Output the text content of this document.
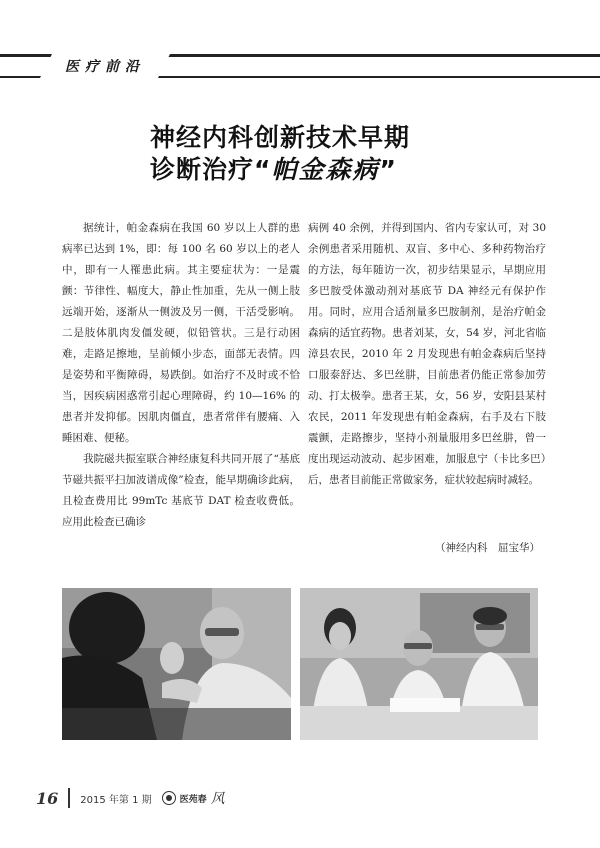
医疗前沿
神经内科创新技术早期
诊断治疗“帕金森病”

据统计，帕金森病在我国 60 岁以上人群的患病率已达到 1%，即：每 100 名 60 岁以上的老人中，即有一人罹患此病。其主要症状为：一是震颤：节律性、幅度大，静止性加重，先从一侧上肢远端开始，逐渐从一侧波及另一侧，干活受影响。二是肢体肌肉发僵发硬，似铅管状。三是行动困难，走路足擦地，呈前倾小步态，面部无表情。四是姿势和平衡障碍，易跌倒。如治疗不及时或不恰当，因疾病困惑常引起心理障碍，约 10—16% 的患者并发抑郁。因肌肉僵直，患者常伴有腰痛、入睡困难、便秘。

我院磁共振室联合神经康复科共同开展了“基底节磁共振平扫加波谱成像”检查，能早期确诊此病，且检查费用比 99mTc 基底节 DAT 检查收费低。应用此检查已确诊

病例 40 余例，并得到国内、省内专家认可，对 30 余例患者采用随机、双盲、多中心、多种药物治疗的方法，每年随访一次，初步结果显示，早期应用多巴胺受体激动剂对基底节 DA 神经元有保护作用。同时，应用合适剂量多巴胺制剂，是治疗帕金森病的适宜药物。患者刘某，女，54 岁，河北省临漳县农民，2010 年 2 月发现患有帕金森病后坚持口服泰舒达、多巴丝肼，目前患者仍能正常参加劳动、打太极拳。患者王某，女，56 岁，安阳县某村农民，2011 年发现患有帕金森病，右手及右下肢震颤，走路擦步，坚持小剂量服用多巴丝肼，曾一度出现运动波动、起步困难，加服息宁（卡比多巴）后，患者目前能正常做家务，症状较起病时减轻。

（神经内科　屈宝华）
16 2015 年第 1 期	医苑春 风
